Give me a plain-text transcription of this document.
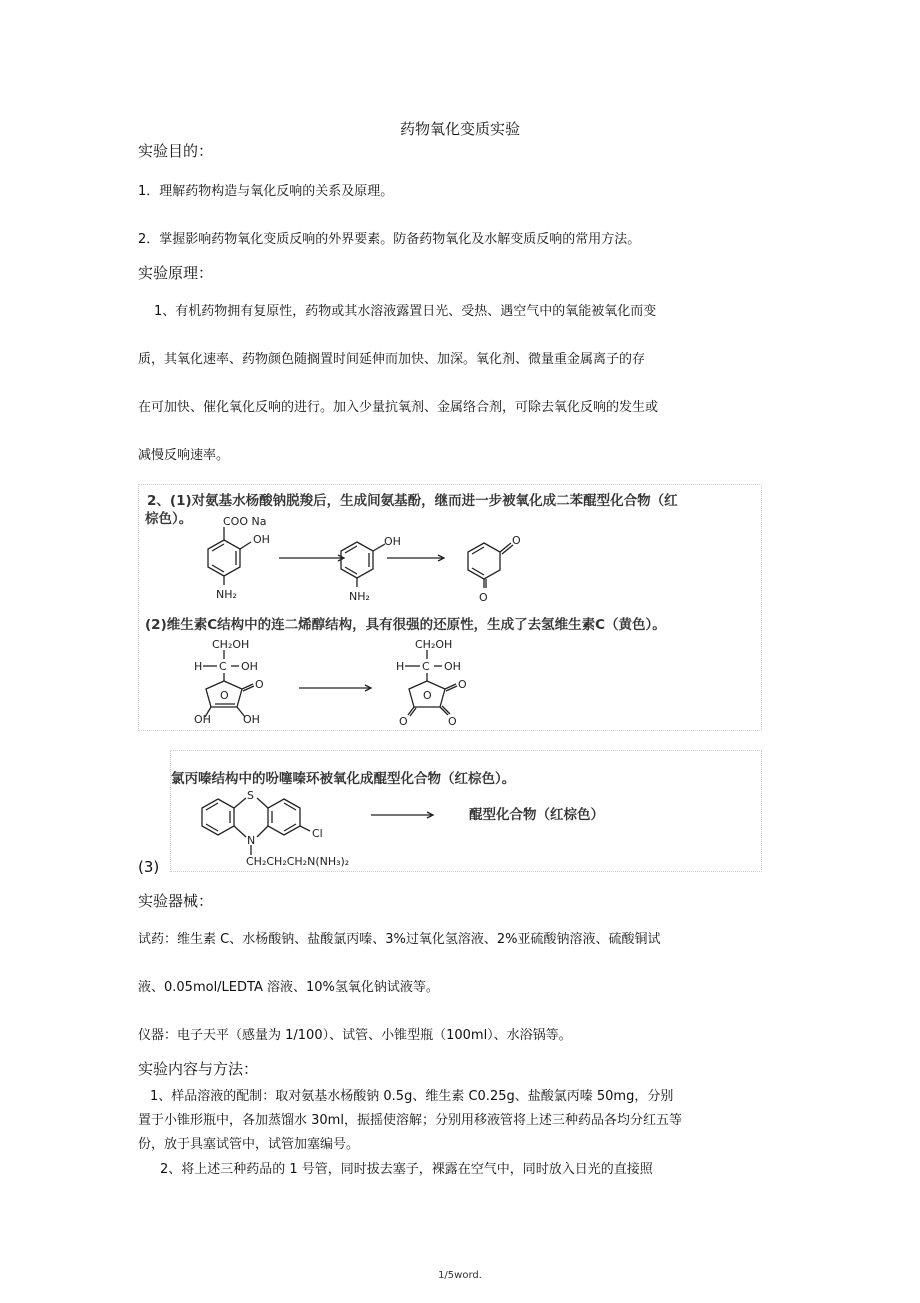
药物氧化变质实验
实验目的：
1．理解药物构造与氧化反响的关系及原理。
2．掌握影响药物氧化变质反响的外界要素。防备药物氧化及水解变质反响的常用方法。
实验原理：
1、有机药物拥有复原性，药物或其水溶液露置日光、受热、遇空气中的氧能被氧化而变
质，其氧化速率、药物颜色随搁置时间延伸而加快、加深。氧化剂、微量重金属离子的存
在可加快、催化氧化反响的进行。加入少量抗氧剂、金属络合剂，可除去氧化反响的发生或
减慢反响速率。
2、(1)对氨基水杨酸钠脱羧后，生成间氨基酚，继而进一步被氧化成二苯醌型化合物（红
棕色）。
(2)维生素C结构中的连二烯醇结构，具有很强的还原性，生成了去氢维生素C（黄色）。
COO Na
OH
NH₂
OH
NH₂
O
O
CH₂OH
H C OH
O
O
OH	OH
CH₂OH
H C OH
O
O
O	O
氯丙嗪结构中的吩噻嗪环被氧化成醌型化合物（红棕色）。
醌型化合物（红棕色）
S
N
Cl
CH₂CH₂CH₂N(NH₃)₂
(3)
实验器械：
试药：维生素 C、水杨酸钠、盐酸氯丙嗪、3%过氧化氢溶液、2%亚硫酸钠溶液、硫酸铜试
液、0.05mol/LEDTA 溶液、10%氢氧化钠试液等。
仪器：电子天平（感量为 1/100）、试管、小锥型瓶（100ml）、水浴锅等。
实验内容与方法：
1、样品溶液的配制：取对氨基水杨酸钠 0.5g、维生素 C0.25g、盐酸氯丙嗪 50mg，分别
置于小锥形瓶中，各加蒸馏水 30ml，振摇使溶解；分别用移液管将上述三种药品各均分红五等
份，放于具塞试管中，试管加塞编号。
2、将上述三种药品的 1 号管，同时拔去塞子，裸露在空气中，同时放入日光的直接照
1/5word.
